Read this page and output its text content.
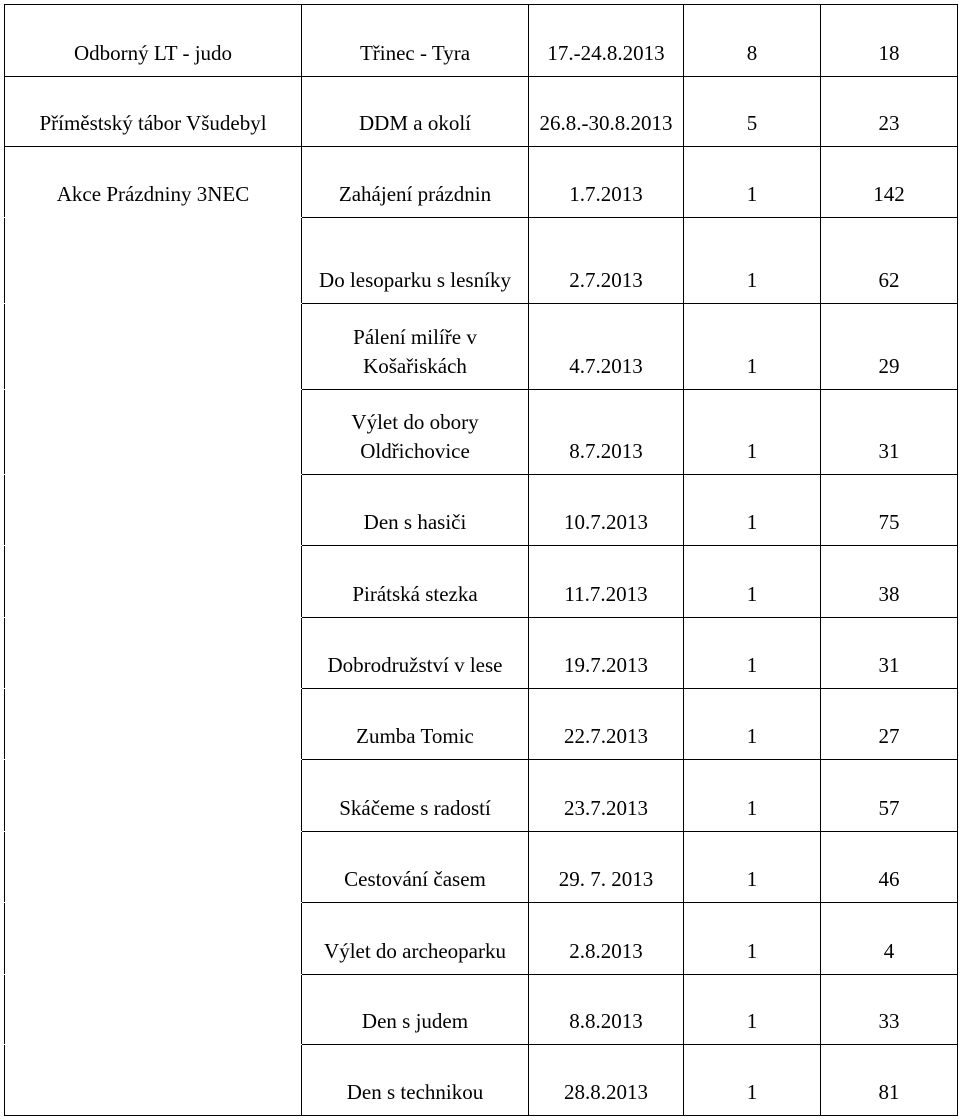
Odborný LT - judo	Třinec - Tyra	17.-24.8.2013	8	18
Příměstský tábor Všudebyl	DDM a okolí	26.8.-30.8.2013	5	23
Akce Prázdniny 3NEC	Zahájení prázdnin	1.7.2013	1	142
	Do lesoparku s lesníky	2.7.2013	1	62
	Pálení milíře v Košařiskách	4.7.2013	1	29
	Výlet do obory Oldřichovice	8.7.2013	1	31
	Den s hasiči	10.7.2013	1	75
	Pirátská stezka	11.7.2013	1	38
	Dobrodružství v lese	19.7.2013	1	31
	Zumba Tomic	22.7.2013	1	27
	Skáčeme s radostí	23.7.2013	1	57
	Cestování časem	29. 7. 2013	1	46
	Výlet do archeoparku	2.8.2013	1	4
	Den s judem	8.8.2013	1	33
	Den s technikou	28.8.2013	1	81
